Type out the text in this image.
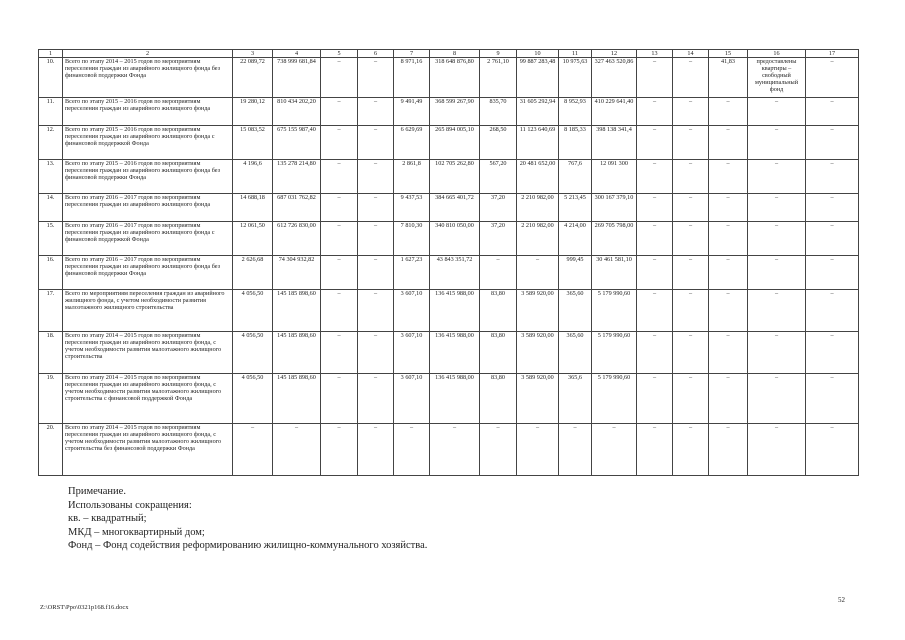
1	2	3	4	5	6	7	8	9	10	11	12	13	14	15	16	17
10.	Всего по этапу 2014 – 2015 годов по мероприятиям переселения граждан из аварийного жилищного фонда без финансовой поддержки Фонда	22 089,72	738 999 681,84	–	–	8 971,16	318 648 876,80	2 761,10	99 887 283,48	10 975,63	327 463 520,86	–	–	41,83	предоставлены квартиры – свободный муниципальный фонд	–
11.	Всего по этапу 2015 – 2016 годов по мероприятиям переселения граждан из аварийного жилищного фонда	19 280,12	810 434 202,20	–	–	9 491,49	368 599 267,90	835,70	31 605 292,94	8 952,93	410 229 641,40	–	–	–	–	–
12.	Всего по этапу 2015 – 2016 годов по мероприятиям переселения граждан из аварийного жилищного фонда с финансовой поддержкой Фонда	15 083,52	675 155 987,40	–	–	6 629,69	265 894 005,10	268,50	11 123 640,69	8 185,33	398 138 341,4	–	–	–	–	–
13.	Всего по этапу 2015 – 2016 годов по мероприятиям переселения граждан из аварийного жилищного фонда без финансовой поддержки Фонда	4 196,6	135 278 214,80	–	–	2 861,8	102 705 262,80	567,20	20 481 652,00	767,6	12 091 300	–	–	–	–	–
14.	Всего по этапу 2016 – 2017 годов по мероприятиям переселения граждан из аварийного жилищного фонда	14 688,18	687 031 762,82	–	–	9 437,53	384 665 401,72	37,20	2 210 982,00	5 213,45	300 167 379,10	–	–	–	–	–
15.	Всего по этапу 2016 – 2017 годов по мероприятиям переселения граждан из аварийного жилищного фонда с финансовой поддержкой Фонда	12 061,50	612 726 830,00	–	–	7 810,30	340 810 050,00	37,20	2 210 982,00	4 214,00	269 705 798,00	–	–	–	–	–
16.	Всего по этапу 2016 – 2017 годов по мероприятиям переселения граждан из аварийного жилищного фонда без финансовой поддержки Фонда	2 626,68	74 304 932,82	–	–	1 627,23	43 843 351,72	–	–	999,45	30 461 581,10	–	–	–	–	–
17.	Всего по мероприятиям переселения граждан из аварийного жилищного фонда, с учетом необходимости развития малоэтажного жилищного строительства	4 056,50	145 185 898,60	–	–	3 607,10	136 415 988,00	83,80	3 589 920,00	365,60	5 179 990,60	–	–	–	–	–
18.	Всего по этапу 2014 – 2015 годов по мероприятиям переселения граждан из аварийного жилищного фонда, с учетом необходимости развития малоэтажного жилищного строительства	4 056,50	145 185 898,60	–	–	3 607,10	136 415 988,00	83,80	3 589 920,00	365,60	5 179 990,60	–	–	–	–	–
19.	Всего по этапу 2014 – 2015 годов по мероприятиям переселения граждан из аварийного жилищного фонда, с учетом необходимости развития малоэтажного жилищного строительства с финансовой поддержкой Фонда	4 056,50	145 185 898,60	–	–	3 607,10	136 415 988,00	83,80	3 589 920,00	365,6	5 179 990,60	–	–	–	–	–
20.	Всего по этапу 2014 – 2015 годов по мероприятиям переселения граждан из аварийного жилищного фонда, с учетом необходимости развития малоэтажного жилищного строительства без финансовой поддержки Фонда	–	–	–	–	–	–	–	–	–	–	–	–	–	–	–
Примечание.
Использованы сокращения:
кв. – квадратный;
МКД – многоквартирный дом;
Фонд – Фонд содействия реформированию жилищно-коммунального хозяйства.
52
Z:\ORST\Ppo\0321p168.f16.docx
